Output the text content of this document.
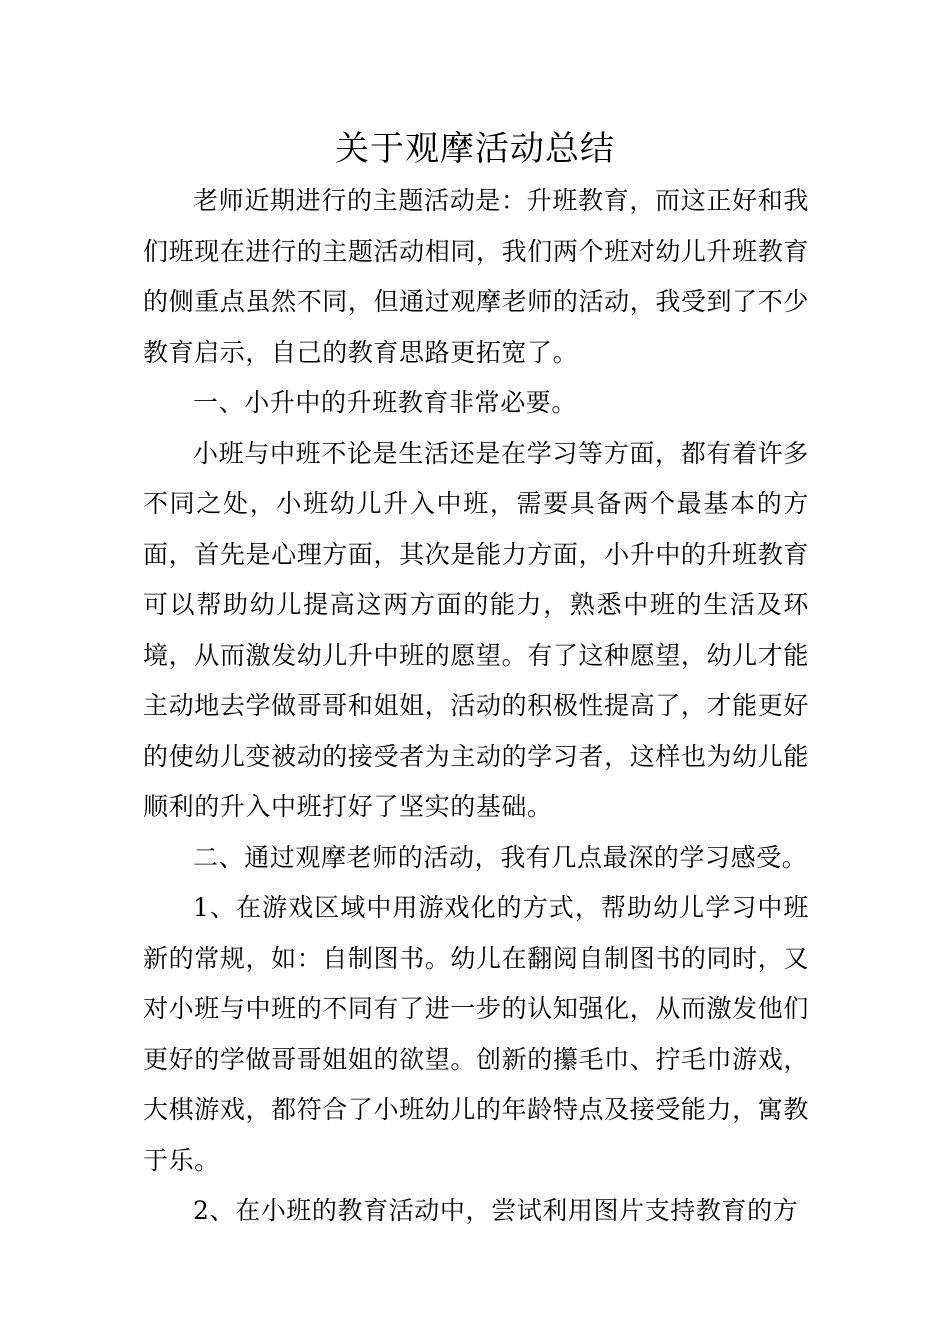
关于观摩活动总结

老师近期进行的主题活动是：升班教育，而这正好和我们班现在进行的主题活动相同，我们两个班对幼儿升班教育的侧重点虽然不同，但通过观摩老师的活动，我受到了不少教育启示，自己的教育思路更拓宽了。

一、小升中的升班教育非常必要。

小班与中班不论是生活还是在学习等方面，都有着许多不同之处，小班幼儿升入中班，需要具备两个最基本的方面，首先是心理方面，其次是能力方面，小升中的升班教育可以帮助幼儿提高这两方面的能力，熟悉中班的生活及环境，从而激发幼儿升中班的愿望。有了这种愿望，幼儿才能主动地去学做哥哥和姐姐，活动的积极性提高了，才能更好的使幼儿变被动的接受者为主动的学习者，这样也为幼儿能顺利的升入中班打好了坚实的基础。

二、通过观摩老师的活动，我有几点最深的学习感受。

1、在游戏区域中用游戏化的方式，帮助幼儿学习中班新的常规，如：自制图书。幼儿在翻阅自制图书的同时，又对小班与中班的不同有了进一步的认知强化，从而激发他们更好的学做哥哥姐姐的欲望。创新的攥毛巾、拧毛巾游戏，大棋游戏，都符合了小班幼儿的年龄特点及接受能力，寓教于乐。

2、在小班的教育活动中，尝试利用图片支持教育的方
